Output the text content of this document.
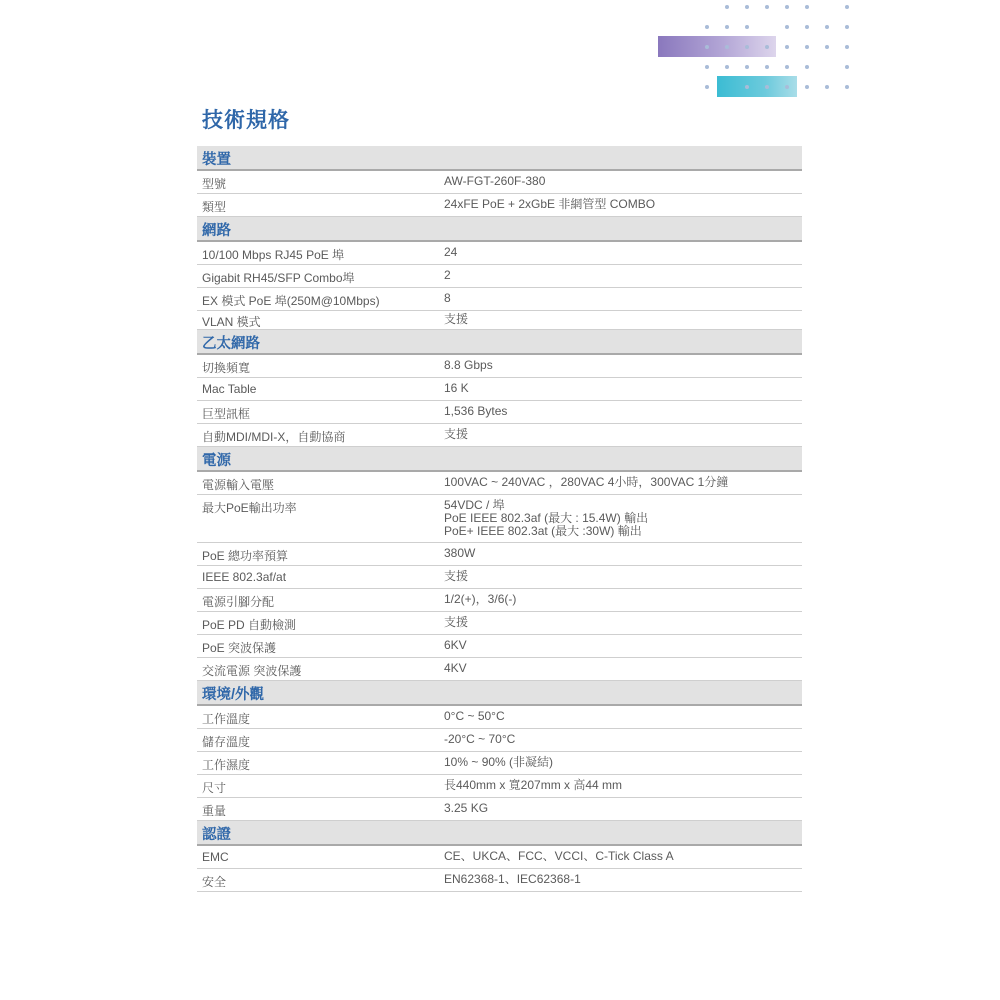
技術規格
裝置
型號	AW-FGT-260F-380
類型	24xFE PoE + 2xGbE 非網管型 COMBO
網路
10/100 Mbps RJ45 PoE 埠	24
Gigabit RH45/SFP Combo埠	2
EX 模式 PoE 埠(250M@10Mbps)	8
VLAN 模式	支援
乙太網路
切換頻寬	8.8 Gbps
Mac Table	16 K
巨型訊框	1,536 Bytes
自動MDI/MDI-X，自動協商	支援
電源
電源輸入電壓	100VAC ~ 240VAC ，280VAC 4小時，300VAC 1分鐘
最大PoE輸出功率	54VDC / 埠
PoE IEEE 802.3af (最大 : 15.4W) 輸出
PoE+ IEEE 802.3at (最大 :30W) 輸出
PoE 總功率預算	380W
IEEE 802.3af/at	支援
電源引腳分配	1/2(+)，3/6(-)
PoE PD 自動檢測	支援
PoE 突波保護	6KV
交流電源 突波保護	4KV
環境/外觀
工作溫度	0°C ~ 50°C
儲存溫度	-20°C ~ 70°C
工作濕度	10% ~ 90% (非凝結)
尺寸	長440mm x 寬207mm x 高44 mm
重量	3.25 KG
認證
EMC	CE、UKCA、FCC、VCCI、C-Tick Class A
安全	EN62368-1、IEC62368-1
